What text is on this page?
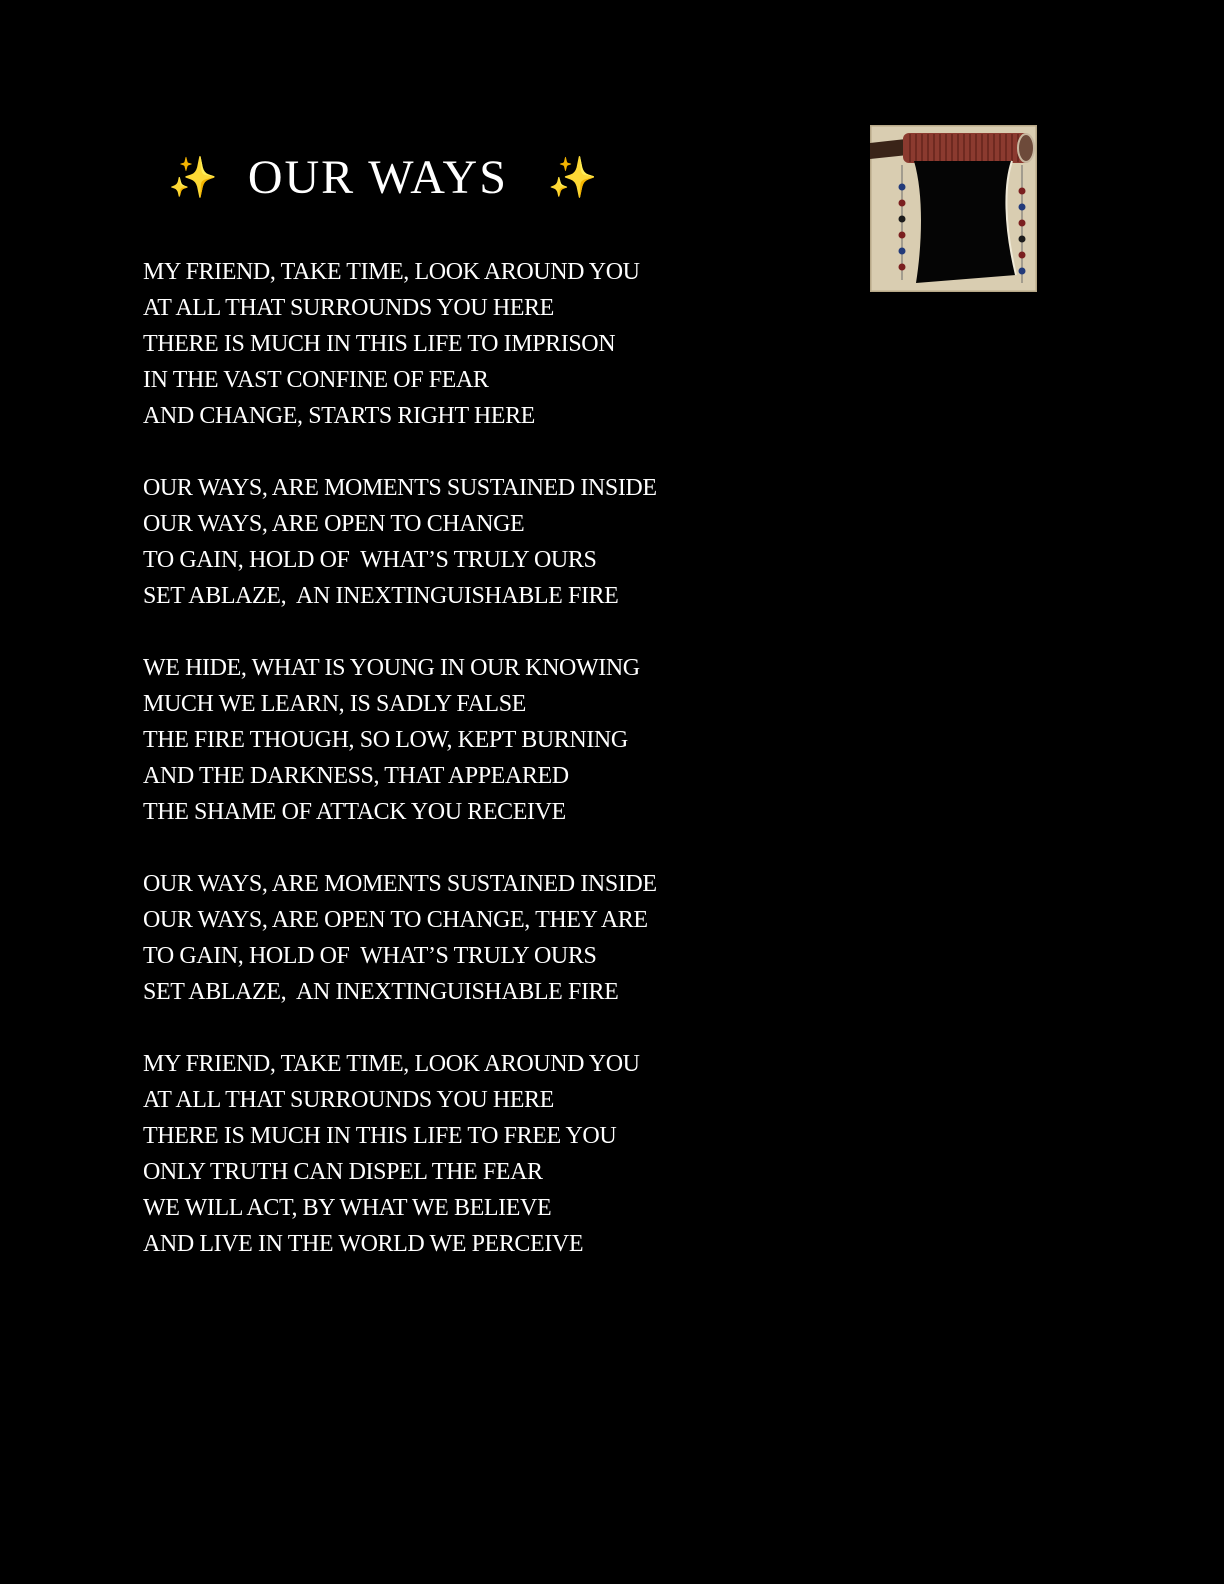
✨ OUR WAYS ✨
MY FRIEND, TAKE TIME, LOOK AROUND YOU
AT ALL THAT SURROUNDS YOU HERE
THERE IS MUCH IN THIS LIFE TO IMPRISON
IN THE VAST CONFINE OF FEAR
AND CHANGE, STARTS RIGHT HERE
OUR WAYS, ARE MOMENTS SUSTAINED INSIDE
OUR WAYS, ARE OPEN TO CHANGE
TO GAIN, HOLD OF  WHAT’S TRULY OURS
SET ABLAZE,  AN INEXTINGUISHABLE FIRE
WE HIDE, WHAT IS YOUNG IN OUR KNOWING
MUCH WE LEARN, IS SADLY FALSE
THE FIRE THOUGH, SO LOW, KEPT BURNING
AND THE DARKNESS, THAT APPEARED
THE SHAME OF ATTACK YOU RECEIVE
OUR WAYS, ARE MOMENTS SUSTAINED INSIDE
OUR WAYS, ARE OPEN TO CHANGE, THEY ARE
TO GAIN, HOLD OF  WHAT’S TRULY OURS
SET ABLAZE,  AN INEXTINGUISHABLE FIRE
MY FRIEND, TAKE TIME, LOOK AROUND YOU
AT ALL THAT SURROUNDS YOU HERE
THERE IS MUCH IN THIS LIFE TO FREE YOU
ONLY TRUTH CAN DISPEL THE FEAR
WE WILL ACT, BY WHAT WE BELIEVE
AND LIVE IN THE WORLD WE PERCEIVE
